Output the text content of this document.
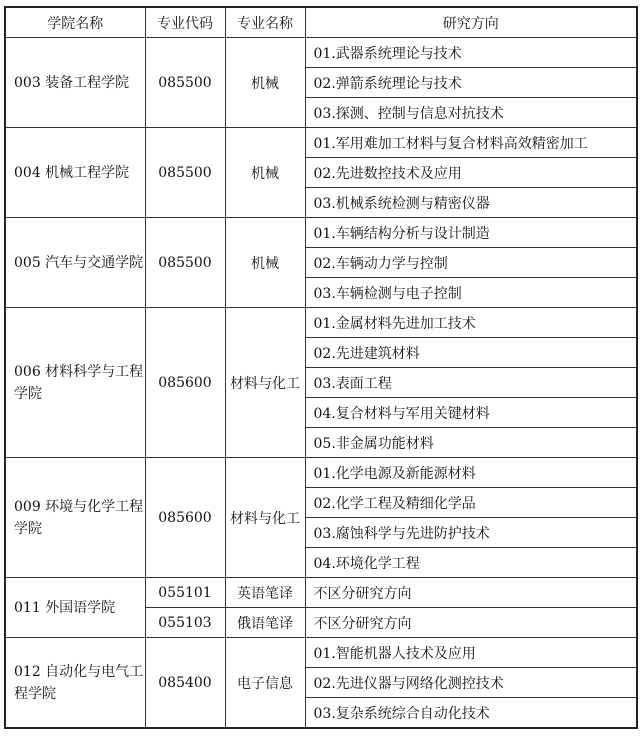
学院名称	专业代码	专业名称	研究方向
003 装备工程学院	085500	机械	01.武器系统理论与技术
			02.弹箭系统理论与技术
			03.探测、控制与信息对抗技术
004 机械工程学院	085500	机械	01.军用难加工材料与复合材料高效精密加工
			02.先进数控技术及应用
			03.机械系统检测与精密仪器
005 汽车与交通学院	085500	机械	01.车辆结构分析与设计制造
			02.车辆动力学与控制
			03.车辆检测与电子控制
006 材料科学与工程学院	085600	材料与化工	01.金属材料先进加工技术
			02.先进建筑材料
			03.表面工程
			04.复合材料与军用关键材料
			05.非金属功能材料
009 环境与化学工程学院	085600	材料与化工	01.化学电源及新能源材料
			02.化学工程及精细化学品
			03.腐蚀科学与先进防护技术
			04.环境化学工程
011 外国语学院	055101	英语笔译	不区分研究方向
	055103	俄语笔译	不区分研究方向
012 自动化与电气工程学院	085400	电子信息	01.智能机器人技术及应用
			02.先进仪器与网络化测控技术
			03.复杂系统综合自动化技术
